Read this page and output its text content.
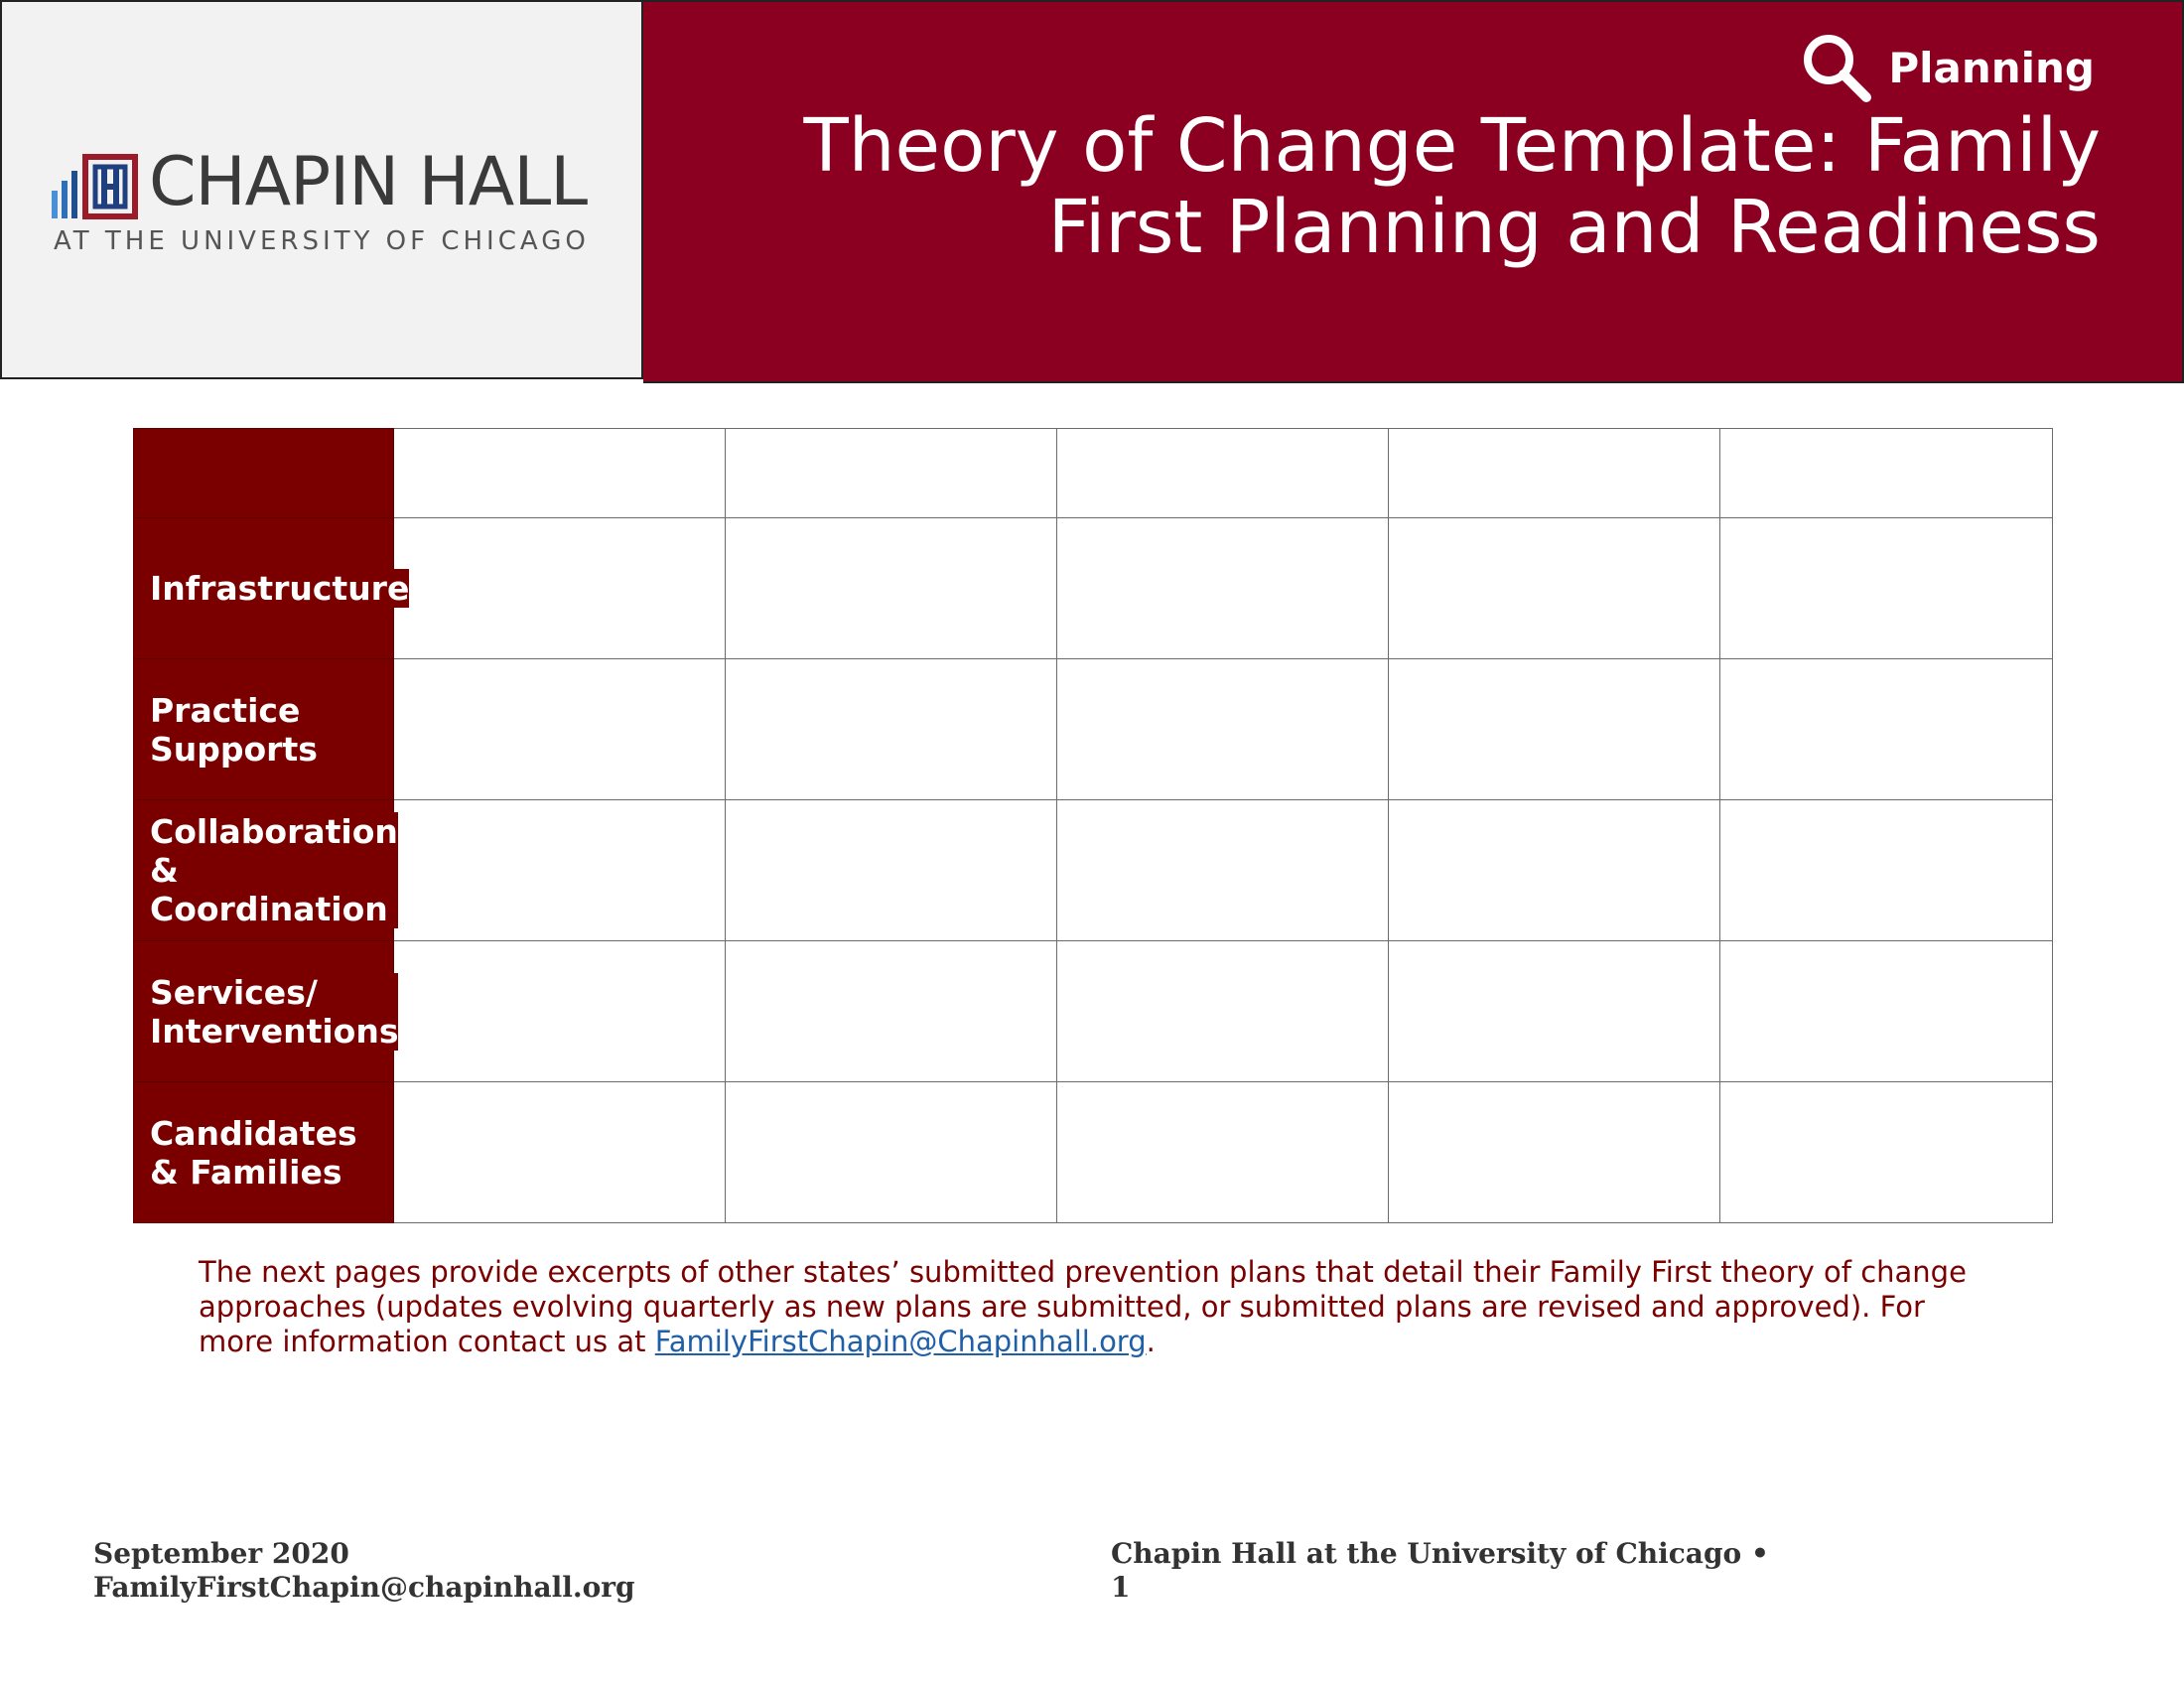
CHAPIN HALL
AT THE UNIVERSITY OF CHICAGO
Planning
Theory of Change Template: Family
First Planning and Readiness

Infrastructure					
Practice Supports					
Collaboration & Coordination					
Services/ Interventions					
Candidates & Families					
The next pages provide excerpts of other states’ submitted prevention plans that detail their Family First theory of change approaches (updates evolving quarterly as new plans are submitted, or submitted plans are revised and approved). For more information contact us at FamilyFirstChapin@Chapinhall.org.
September 2020
FamilyFirstChapin@chapinhall.org
Chapin Hall at the University of Chicago •
1
